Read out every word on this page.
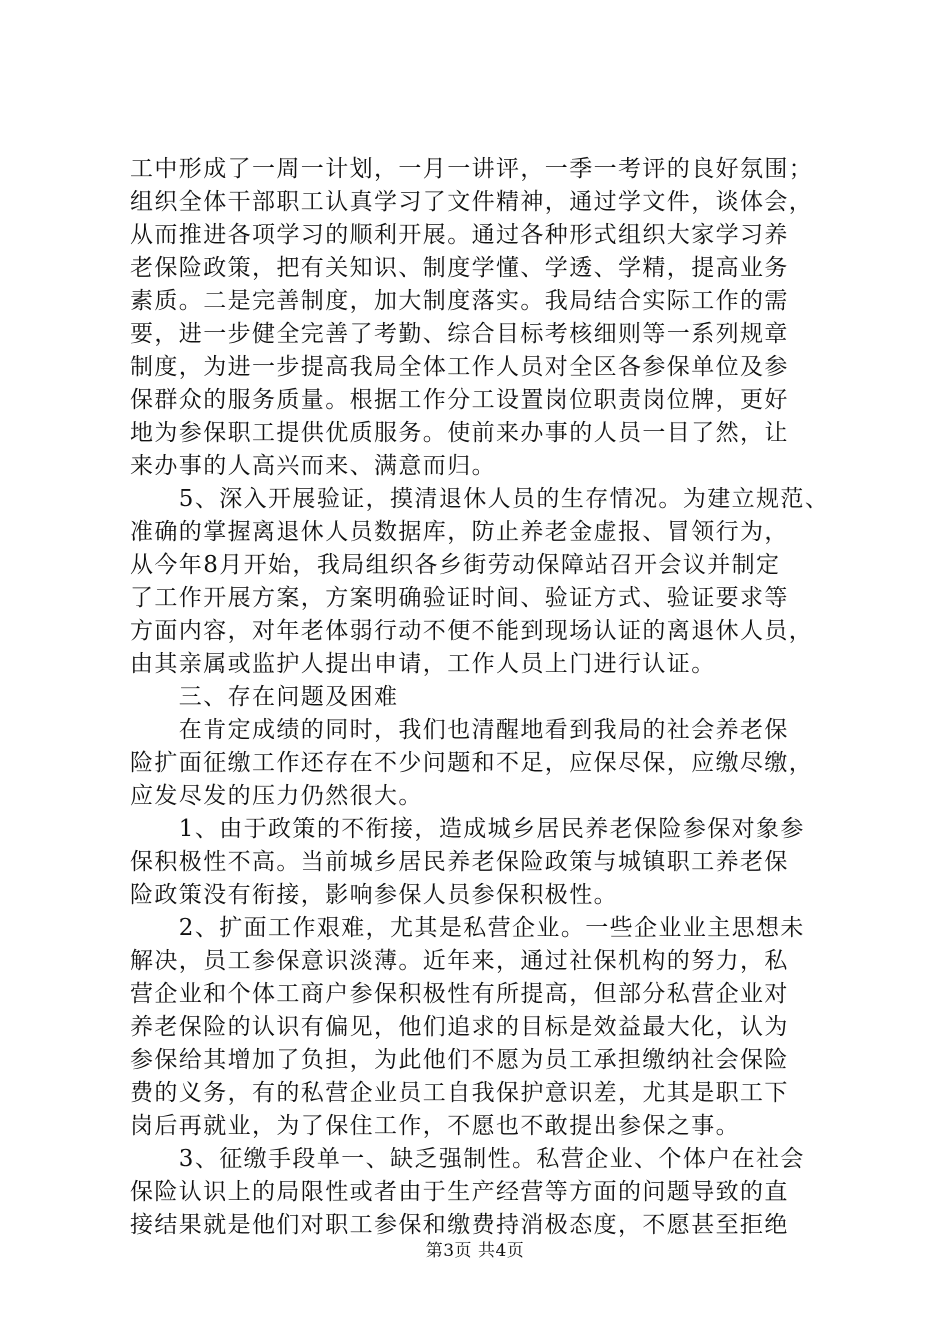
工中形成了一周一计划，一月一讲评，一季一考评的良好氛围；
组织全体干部职工认真学习了文件精神，通过学文件，谈体会，
从而推进各项学习的顺利开展。通过各种形式组织大家学习养
老保险政策，把有关知识、制度学懂、学透、学精，提高业务
素质。二是完善制度，加大制度落实。我局结合实际工作的需
要，进一步健全完善了考勤、综合目标考核细则等一系列规章
制度，为进一步提高我局全体工作人员对全区各参保单位及参
保群众的服务质量。根据工作分工设置岗位职责岗位牌，更好
地为参保职工提供优质服务。使前来办事的人员一目了然，让
来办事的人高兴而来、满意而归。
　　5、深入开展验证，摸清退休人员的生存情况。为建立规范、
准确的掌握离退休人员数据库，防止养老金虚报、冒领行为，
从今年8月开始，我局组织各乡街劳动保障站召开会议并制定
了工作开展方案，方案明确验证时间、验证方式、验证要求等
方面内容，对年老体弱行动不便不能到现场认证的离退休人员，
由其亲属或监护人提出申请，工作人员上门进行认证。
　　三、存在问题及困难
　　在肯定成绩的同时，我们也清醒地看到我局的社会养老保
险扩面征缴工作还存在不少问题和不足，应保尽保，应缴尽缴，
应发尽发的压力仍然很大。
　　1、由于政策的不衔接，造成城乡居民养老保险参保对象参
保积极性不高。当前城乡居民养老保险政策与城镇职工养老保
险政策没有衔接，影响参保人员参保积极性。
　　2、扩面工作艰难，尤其是私营企业。一些企业业主思想未
解决，员工参保意识淡薄。近年来，通过社保机构的努力，私
营企业和个体工商户参保积极性有所提高，但部分私营企业对
养老保险的认识有偏见，他们追求的目标是效益最大化，认为
参保给其增加了负担，为此他们不愿为员工承担缴纳社会保险
费的义务，有的私营企业员工自我保护意识差，尤其是职工下
岗后再就业，为了保住工作，不愿也不敢提出参保之事。
　　3、征缴手段单一、缺乏强制性。私营企业、个体户在社会
保险认识上的局限性或者由于生产经营等方面的问题导致的直
接结果就是他们对职工参保和缴费持消极态度，不愿甚至拒绝
第3页 共4页
